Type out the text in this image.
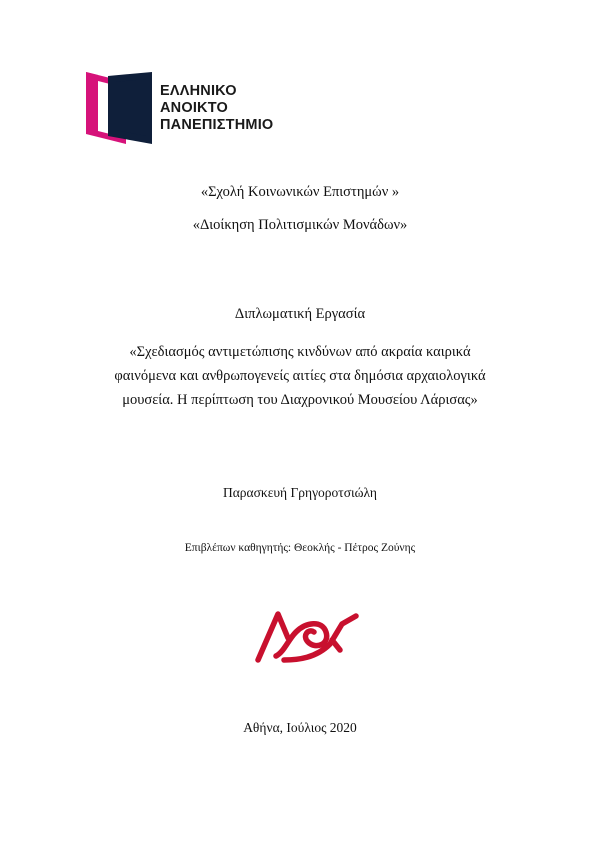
ΕΛΛΗΝΙΚΟ
ΑΝΟΙΚΤΟ
ΠΑΝΕΠΙΣΤΗΜΙΟ
«Σχολή Κοινωνικών Επιστημών »
«Διοίκηση Πολιτισμικών Μονάδων»
Διπλωματική Εργασία
«Σχεδιασμός αντιμετώπισης κινδύνων από ακραία καιρικά
φαινόμενα και ανθρωπογενείς αιτίες στα δημόσια αρχαιολογικά
μουσεία. Η περίπτωση του Διαχρονικού Μουσείου Λάρισας»
Παρασκευή Γρηγοροτσιώλη
Επιβλέπων καθηγητής: Θεοκλής - Πέτρος Ζούνης
Αθήνα, Ιούλιος 2020
